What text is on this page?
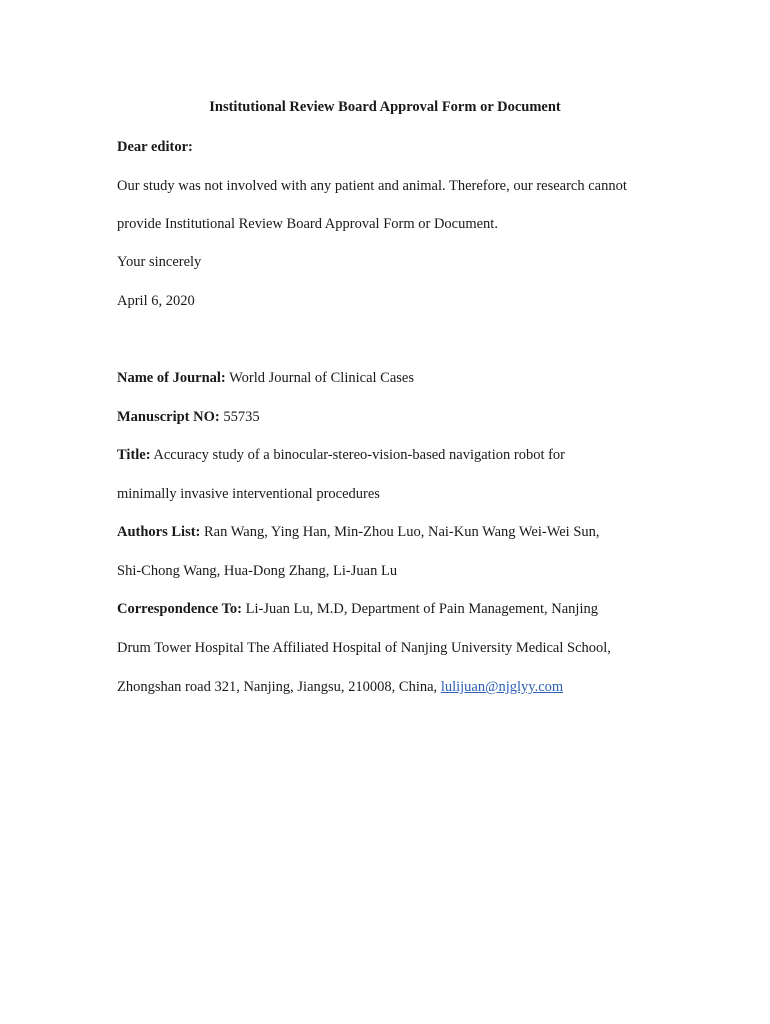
Institutional Review Board Approval Form or Document
Dear editor:
Our study was not involved with any patient and animal. Therefore, our research cannot
provide Institutional Review Board Approval Form or Document.
Your sincerely
April 6, 2020
Name of Journal: World Journal of Clinical Cases
Manuscript NO: 55735
Title: Accuracy study of a binocular-stereo-vision-based navigation robot for
minimally invasive interventional procedures
Authors List: Ran Wang, Ying Han, Min-Zhou Luo, Nai-Kun Wang Wei-Wei Sun,
Shi-Chong Wang, Hua-Dong Zhang, Li-Juan Lu
Correspondence To: Li-Juan Lu, M.D, Department of Pain Management, Nanjing
Drum Tower Hospital The Affiliated Hospital of Nanjing University Medical School,
Zhongshan road 321, Nanjing, Jiangsu, 210008, China, lulijuan@njglyy.com
